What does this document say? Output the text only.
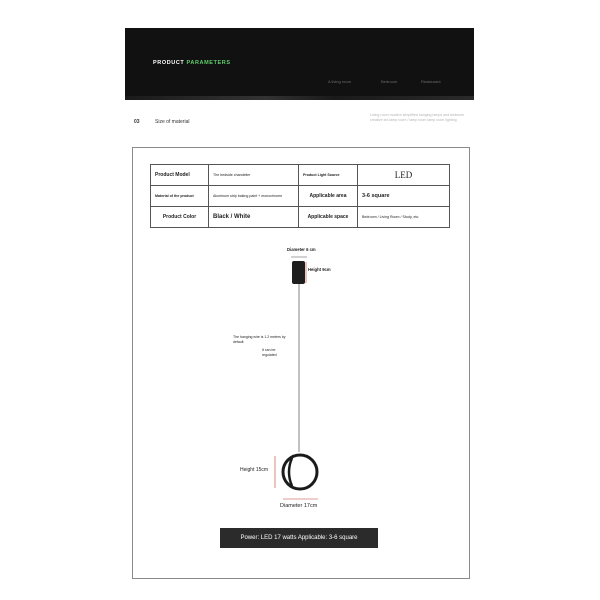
PRODUCT PARAMETERS
A living room	Bedroom	Restaurant
03	Size of material
Living room modern simplified hanging lamps and bedroom creative led lamp room / lamp room lamp room lighting
Product Model	The bedside chandelier	Product Light Source	LED
Material of the product	Aluminum strip baking paint + monochrome	Applicable area	3-6 square
Product Color	Black / White	Applicable space	Bedroom / Living Room / Study, etc.
Diameter 6 cm
Height 9cm
The hanging wire is 1.2 meters by default
It can be regulated
Height 15cm
Diameter 17cm
Power: LED 17 watts Applicable: 3-6 square
